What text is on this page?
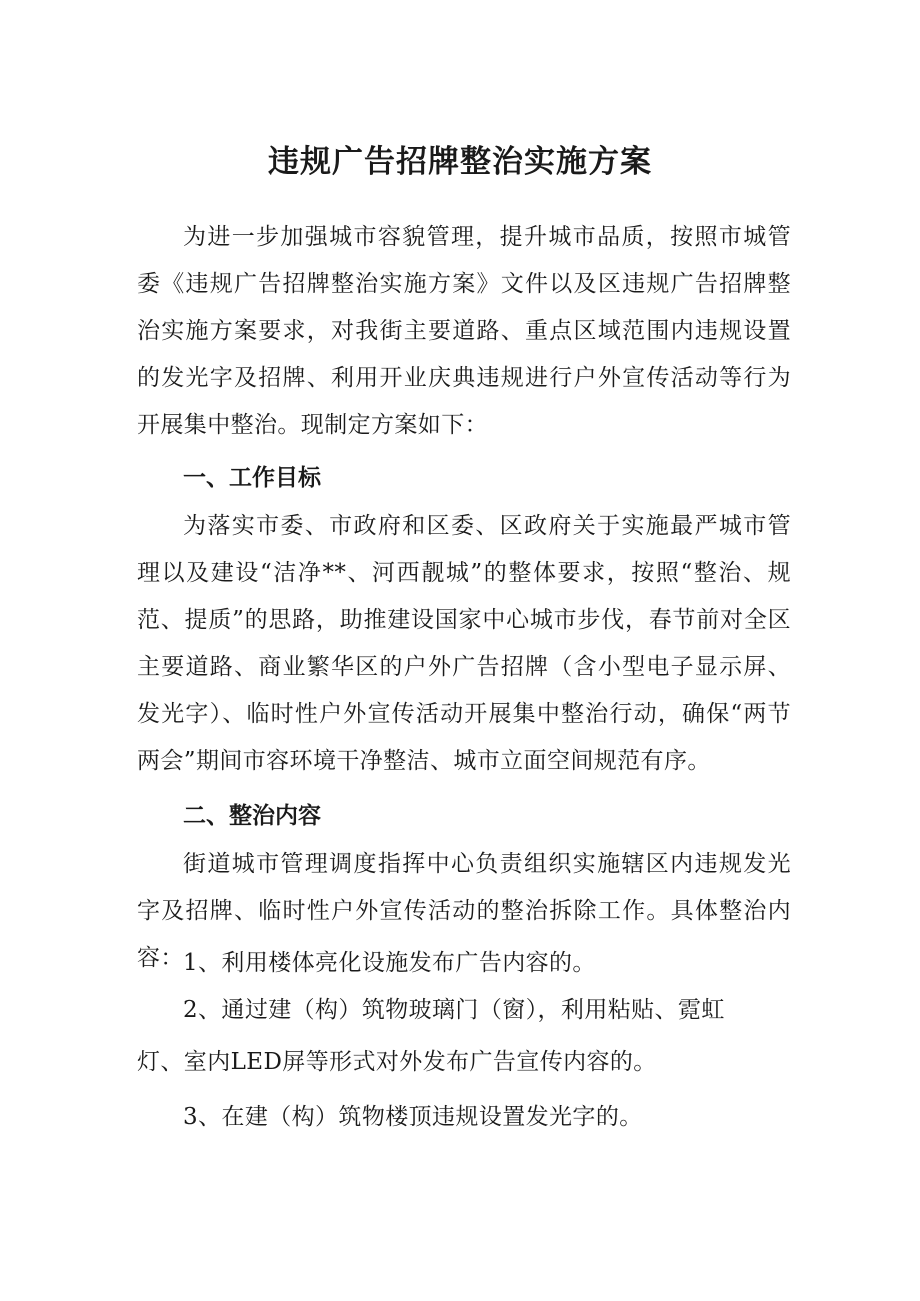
违规广告招牌整治实施方案

为进一步加强城市容貌管理，提升城市品质，按照市城管委《违规广告招牌整治实施方案》文件以及区违规广告招牌整治实施方案要求，对我街主要道路、重点区域范围内违规设置的发光字及招牌、利用开业庆典违规进行户外宣传活动等行为开展集中整治。现制定方案如下：

一、工作目标

为落实市委、市政府和区委、区政府关于实施最严城市管理以及建设“洁净**、河西靓城”的整体要求，按照“整治、规范、提质”的思路，助推建设国家中心城市步伐，春节前对全区主要道路、商业繁华区的户外广告招牌（含小型电子显示屏、发光字）、临时性户外宣传活动开展集中整治行动，确保“两节两会”期间市容环境干净整洁、城市立面空间规范有序。

二、整治内容

街道城市管理调度指挥中心负责组织实施辖区内违规发光字及招牌、临时性户外宣传活动的整治拆除工作。具体整治内容： 1、利用楼体亮化设施发布广告内容的。

2、通过建（构）筑物玻璃门（窗），利用粘贴、霓虹
灯、室内LED屏等形式对外发布广告宣传内容的。

3、在建（构）筑物楼顶违规设置发光字的。
